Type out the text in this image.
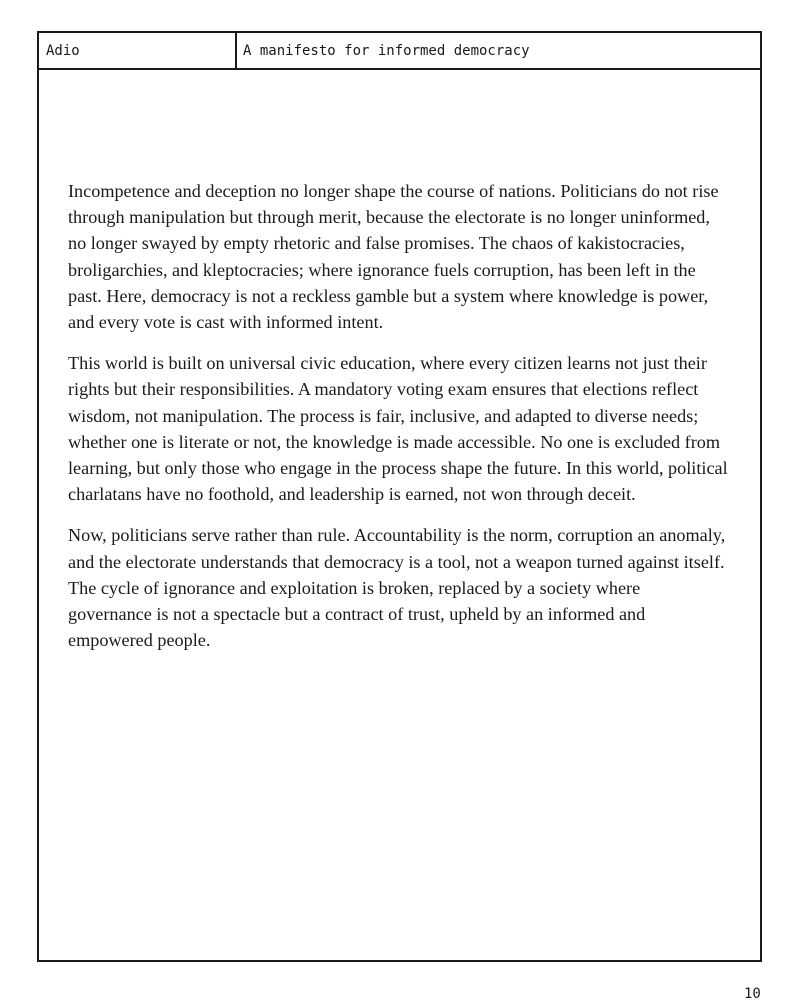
Adio	A manifesto for informed democracy

Incompetence and deception no longer shape the course of nations. Politicians do not rise through manipulation but through merit, because the electorate is no longer uninformed, no longer swayed by empty rhetoric and false promises. The chaos of kakistocracies, broligarchies, and kleptocracies; where ignorance fuels corruption, has been left in the past. Here, democracy is not a reckless gamble but a system where knowledge is power, and every vote is cast with informed intent.

This world is built on universal civic education, where every citizen learns not just their rights but their responsibilities. A mandatory voting exam ensures that elections reflect wisdom, not manipulation. The process is fair, inclusive, and adapted to diverse needs; whether one is literate or not, the knowledge is made accessible. No one is excluded from learning, but only those who engage in the process shape the future. In this world, political charlatans have no foothold, and leadership is earned, not won through deceit.

Now, politicians serve rather than rule. Accountability is the norm, corruption an anomaly, and the electorate understands that democracy is a tool, not a weapon turned against itself. The cycle of ignorance and exploitation is broken, replaced by a society where governance is not a spectacle but a contract of trust, upheld by an informed and empowered people.

10
